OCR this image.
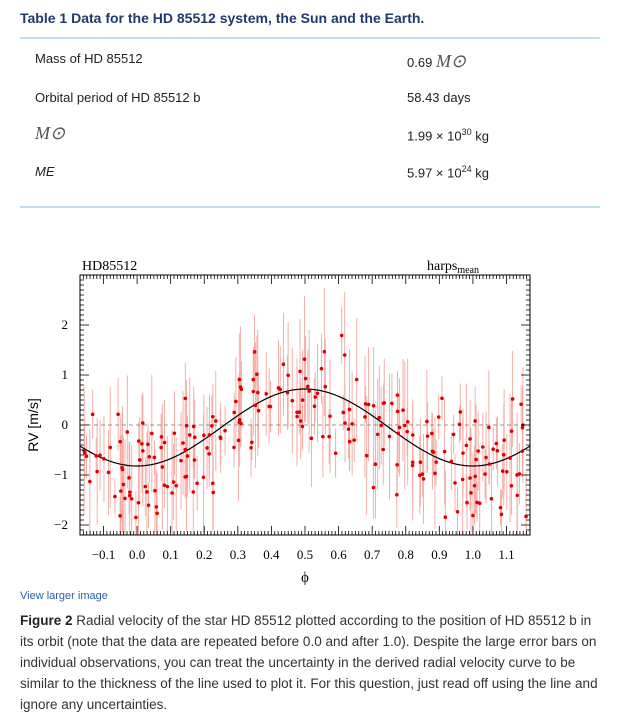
Table 1 Data for the HD 85512 system, the Sun and the Earth.
Mass of HD 85512	0.69 M⊙
Orbital period of HD 85512 b	58.43 days
M⊙	$1.99 \times 10^{30}$ kg
ME	$5.97 \times 10^{24}$ kg
−0.1 0.0 0.1 0.2 0.3 0.4 0.5 0.6 0.7 0.8 0.9 1.0 1.1
−2
−1
0
1
2
HD85512	harps$_{mean}$
ϕ
RV [m/s]
View larger image
Figure 2 Radial velocity of the star HD 85512 plotted according to the position of HD 85512 b in its orbit (note that the data are repeated before 0.0 and after 1.0). Despite the large error bars on individual observations, you can treat the uncertainty in the derived radial velocity curve to be similar to the thickness of the line used to plot it. For this question, just read off using the line and ignore any uncertainties.
